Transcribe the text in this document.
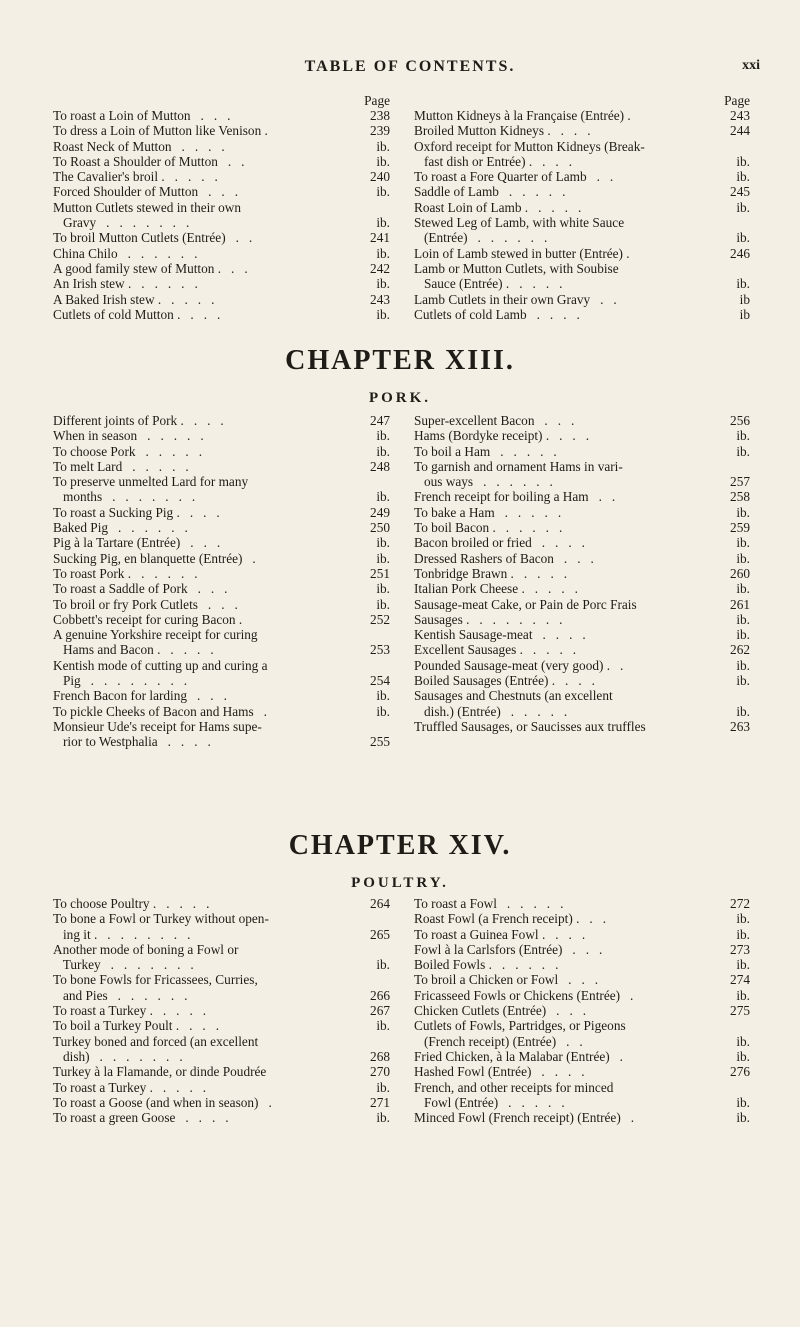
TABLE OF CONTENTS.	xxi
Page
To roast a Loin of Mutton   .   .   .	238
To dress a Loin of Mutton like Venison .	239
Roast Neck of Mutton   .   .   .   .	ib.
To Roast a Shoulder of Mutton   .   .	ib.
The Cavalier's broil .   .   .   .   .	240
Forced Shoulder of Mutton   .   .   .	ib.
Mutton Cutlets stewed in their own
Gravy   .   .   .   .   .   .   .	ib.
To broil Mutton Cutlets (Entrée)   .   .	241
China Chilo   .   .   .   .   .   .	ib.
A good family stew of Mutton .   .   .	242
An Irish stew .   .   .   .   .   .	ib.
A Baked Irish stew .   .   .   .   .	243
Cutlets of cold Mutton .   .   .   .	ib.
Page
Mutton Kidneys à la Française (Entrée) .	243
Broiled Mutton Kidneys .   .   .   .	244
Oxford receipt for Mutton Kidneys (Break-
fast dish or Entrée) .   .   .   .	ib.
To roast a Fore Quarter of Lamb   .   .	ib.
Saddle of Lamb   .   .   .   .   .	245
Roast Loin of Lamb .   .   .   .   .	ib.
Stewed Leg of Lamb, with white Sauce
(Entrée)   .   .   .   .   .   .	ib.
Loin of Lamb stewed in butter (Entrée) .	246
Lamb or Mutton Cutlets, with Soubise
Sauce (Entrée) .   .   .   .   .	ib.
Lamb Cutlets in their own Gravy   .   .	ib
Cutlets of cold Lamb   .   .   .   .	ib
CHAPTER XIII.
PORK.
Different joints of Pork .   .   .   .	247
When in season   .   .   .   .   .	ib.
To choose Pork   .   .   .   .   .	ib.
To melt Lard   .   .   .   .   .	248
To preserve unmelted Lard for many
months   .   .   .   .   .   .   .	ib.
To roast a Sucking Pig .   .   .   .	249
Baked Pig   .   .   .   .   .   .	250
Pig à la Tartare (Entrée)   .   .   .	ib.
Sucking Pig, en blanquette (Entrée)   .	ib.
To roast Pork .   .   .   .   .   .	251
To roast a Saddle of Pork   .   .   .	ib.
To broil or fry Pork Cutlets   .   .   .	ib.
Cobbett's receipt for curing Bacon .	252
A genuine Yorkshire receipt for curing
Hams and Bacon .   .   .   .   .	253
Kentish mode of cutting up and curing a
Pig   .   .   .   .   .   .   .   .	254
French Bacon for larding   .   .   .	ib.
To pickle Cheeks of Bacon and Hams   .	ib.
Monsieur Ude's receipt for Hams supe-
rior to Westphalia   .   .   .   .	255
Super-excellent Bacon   .   .   .	256
Hams (Bordyke receipt) .   .   .   .	ib.
To boil a Ham   .   .   .   .   .	ib.
To garnish and ornament Hams in vari-
ous ways   .   .   .   .   .   .	257
French receipt for boiling a Ham   .   .	258
To bake a Ham   .   .   .   .   .	ib.
To boil Bacon .   .   .   .   .   .	259
Bacon broiled or fried   .   .   .   .	ib.
Dressed Rashers of Bacon   .   .   .	ib.
Tonbridge Brawn .   .   .   .   .	260
Italian Pork Cheese .   .   .   .   .	ib.
Sausage-meat Cake, or Pain de Porc Frais	261
Sausages .   .   .   .   .   .   .   .	ib.
Kentish Sausage-meat   .   .   .   .	ib.
Excellent Sausages .   .   .   .   .	262
Pounded Sausage-meat (very good) .   .	ib.
Boiled Sausages (Entrée) .   .   .   .	ib.
Sausages and Chestnuts (an excellent
dish.) (Entrée)   .   .   .   .   .	ib.
Truffled Sausages, or Saucisses aux truffles	263
CHAPTER XIV.
POULTRY.
To choose Poultry .   .   .   .   .	264
To bone a Fowl or Turkey without open-
ing it .   .   .   .   .   .   .   .	265
Another mode of boning a Fowl or
Turkey   .   .   .   .   .   .   .	ib.
To bone Fowls for Fricassees, Curries,
and Pies   .   .   .   .   .   .	266
To roast a Turkey .   .   .   .   .	267
To boil a Turkey Poult .   .   .   .	ib.
Turkey boned and forced (an excellent
dish)   .   .   .   .   .   .   .	268
Turkey à la Flamande, or dinde Poudrée	270
To roast a Turkey .   .   .   .   .	ib.
To roast a Goose (and when in season)   .	271
To roast a green Goose   .   .   .   .	ib.
To roast a Fowl   .   .   .   .   .	272
Roast Fowl (a French receipt) .   .   .	ib.
To roast a Guinea Fowl .   .   .   .	ib.
Fowl à la Carlsfors (Entrée)   .   .   .	273
Boiled Fowls .   .   .   .   .   .	ib.
To broil a Chicken or Fowl   .   .   .	274
Fricasseed Fowls or Chickens (Entrée)   .	ib.
Chicken Cutlets (Entrée)   .   .   .	275
Cutlets of Fowls, Partridges, or Pigeons
(French receipt) (Entrée)   .   .	ib.
Fried Chicken, à la Malabar (Entrée)   .	ib.
Hashed Fowl (Entrée)   .   .   .   .	276
French, and other receipts for minced
Fowl (Entrée)   .   .   .   .   .	ib.
Minced Fowl (French receipt) (Entrée)   .	ib.
